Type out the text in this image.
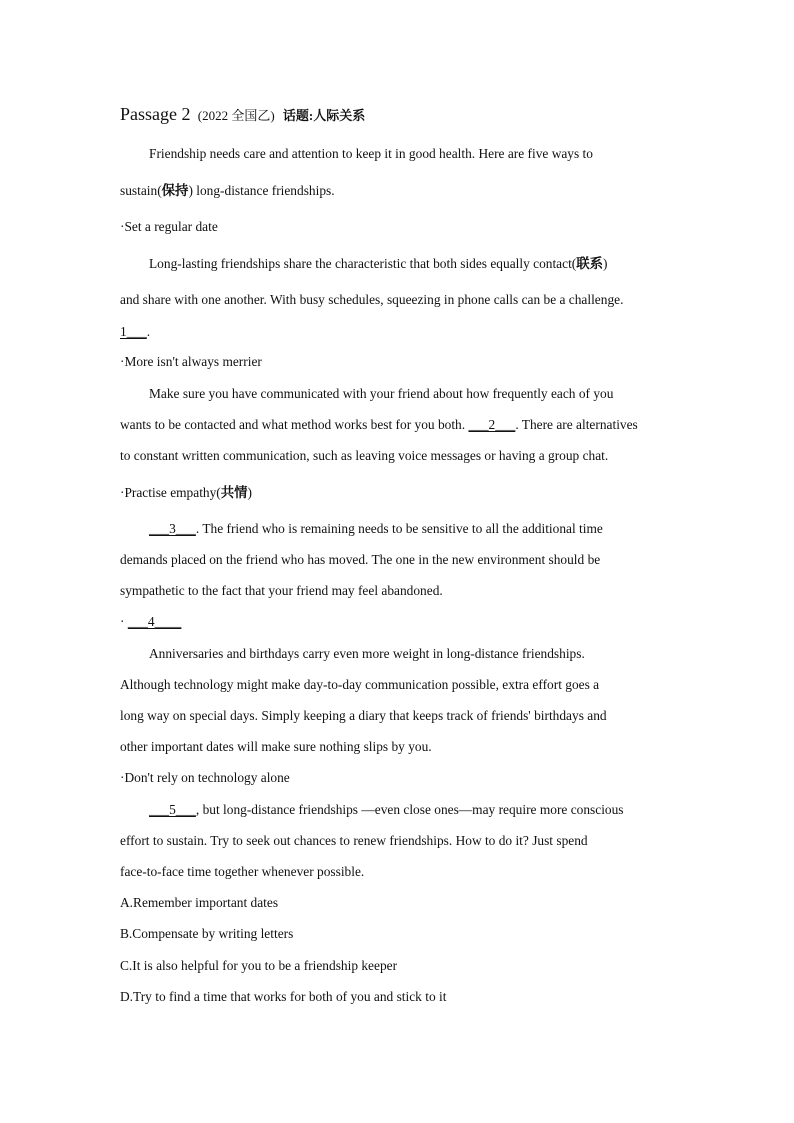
Passage 2 (2022 全国乙) 话题:人际关系
Friendship needs care and attention to keep it in good health. Here are five ways to
sustain(保持) long-distance friendships.
·Set a regular date
Long-lasting friendships share the characteristic that both sides equally contact(联系)
and share with one another. With busy schedules, squeezing in phone calls can be a challenge.
1___.
·More isn't always merrier
Make sure you have communicated with your friend about how frequently each of you
wants to be contacted and what method works best for you both. ___2___. There are alternatives
to constant written communication, such as leaving voice messages or having a group chat.
·Practise empathy(共情)
___3___. The friend who is remaining needs to be sensitive to all the additional time
demands placed on the friend who has moved. The one in the new environment should be
sympathetic to the fact that your friend may feel abandoned.
· ___4____
Anniversaries and birthdays carry even more weight in long-distance friendships.
Although technology might make day-to-day communication possible, extra effort goes a
long way on special days. Simply keeping a diary that keeps track of friends' birthdays and
other important dates will make sure nothing slips by you.
·Don't rely on technology alone
___5___, but long-distance friendships —even close ones—may require more conscious
effort to sustain. Try to seek out chances to renew friendships. How to do it? Just spend
face-to-face time together whenever possible.
A.Remember important dates
B.Compensate by writing letters
C.It is also helpful for you to be a friendship keeper
D.Try to find a time that works for both of you and stick to it
